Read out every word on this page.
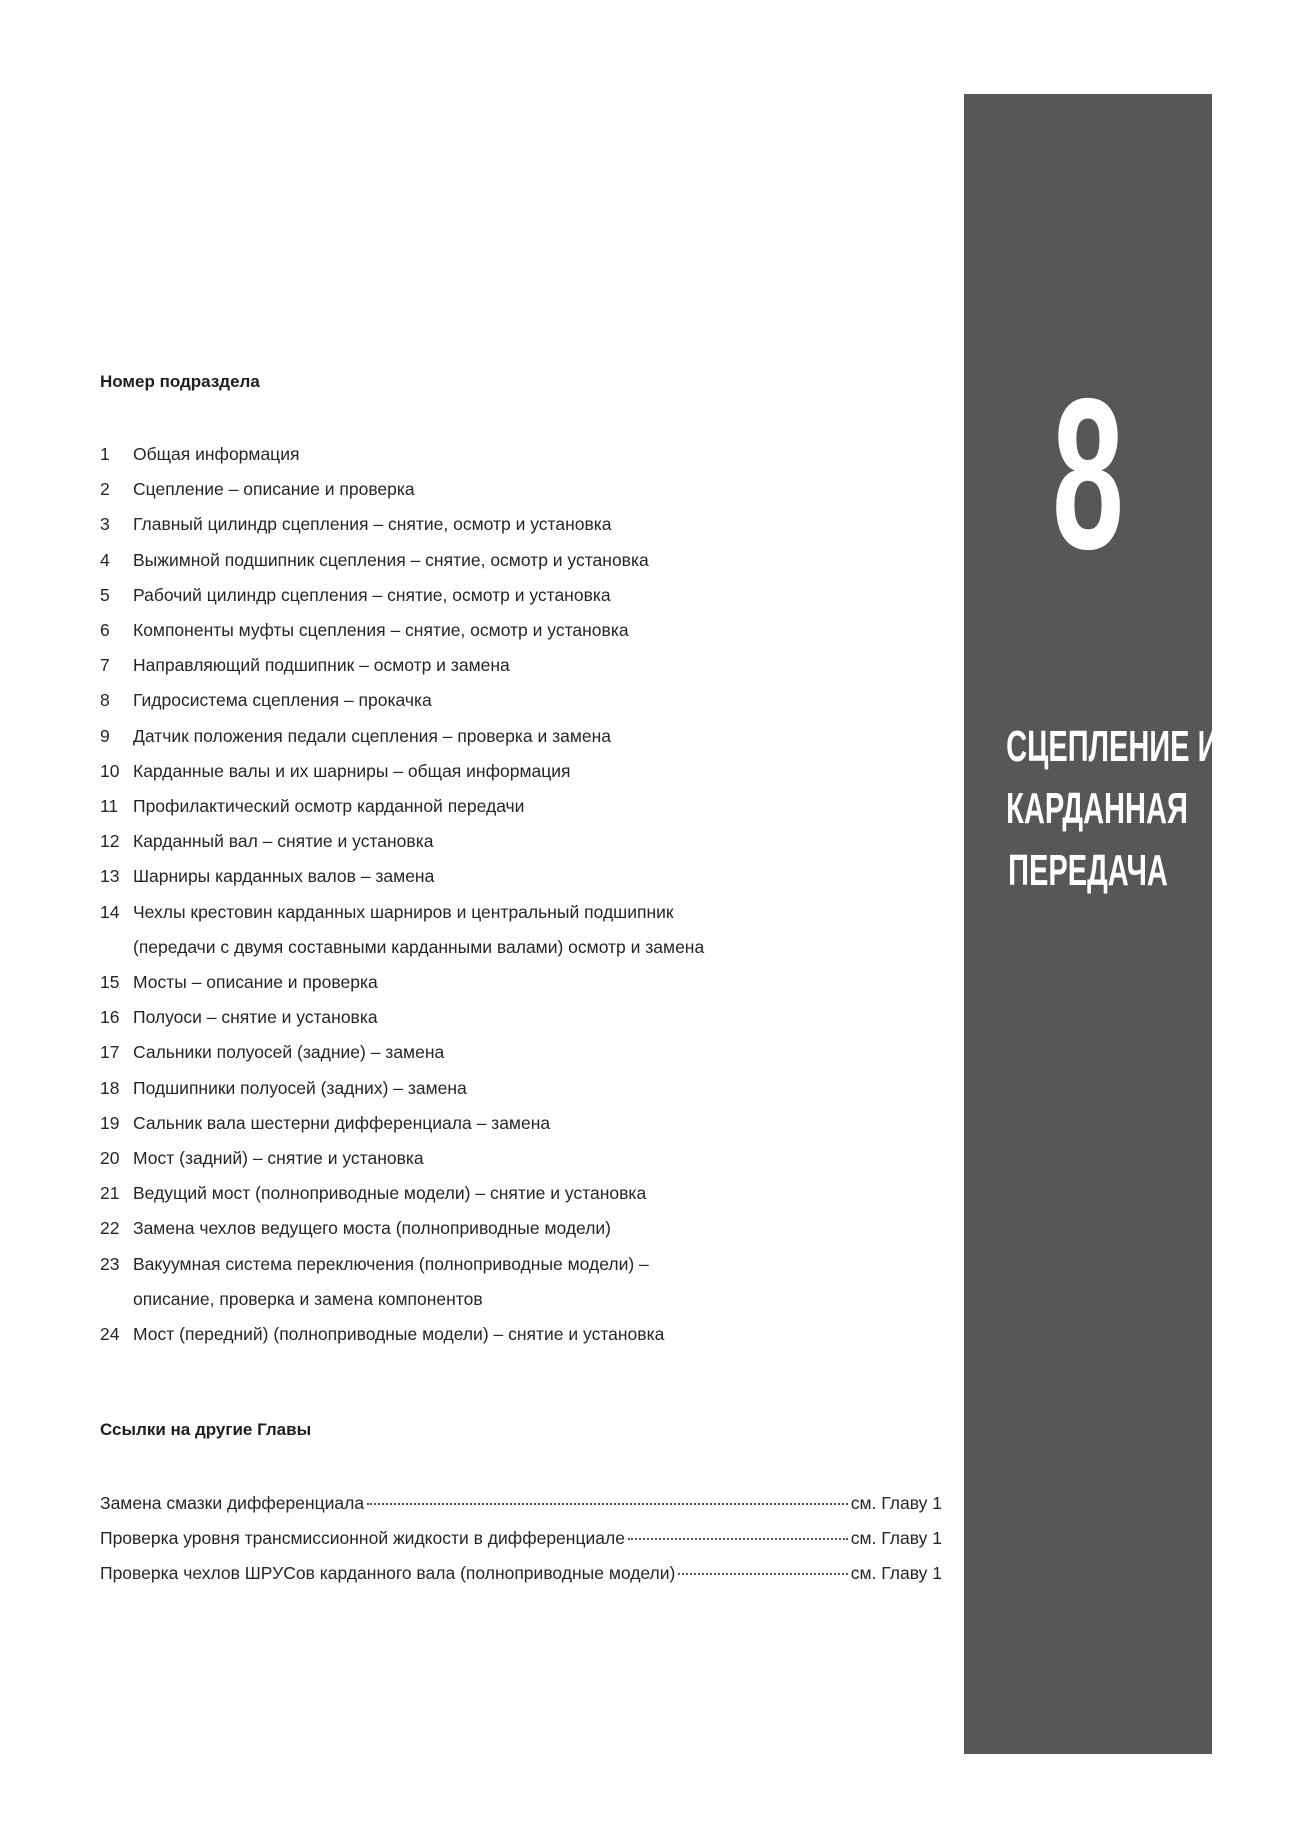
8
СЦЕПЛЕНИЕ И
КАРДАННАЯ
ПЕРЕДАЧА
Номер подраздела
1	Общая информация
2	Сцепление – описание и проверка
3	Главный цилиндр сцепления – снятие, осмотр и установка
4	Выжимной подшипник сцепления – снятие, осмотр и установка
5	Рабочий цилиндр сцепления – снятие, осмотр и установка
6	Компоненты муфты сцепления – снятие, осмотр и установка
7	Направляющий подшипник – осмотр и замена
8	Гидросистема сцепления – прокачка
9	Датчик положения педали сцепления – проверка и замена
10 Карданные валы и их шарниры – общая информация
11 Профилактический осмотр карданной передачи
12 Карданный вал – снятие и установка
13 Шарниры карданных валов – замена
14 Чехлы крестовин карданных шарниров и центральный подшипник
(передачи с двумя составными карданными валами) осмотр и замена
15 Мосты – описание и проверка
16 Полуоси – снятие и установка
17 Сальники полуосей (задние) – замена
18 Подшипники полуосей (задних) – замена
19 Сальник вала шестерни дифференциала – замена
20 Мост (задний) – снятие и установка
21 Ведущий мост (полноприводные модели) – снятие и установка
22 Замена чехлов ведущего моста (полноприводные модели)
23 Вакуумная система переключения (полноприводные модели) –
описание, проверка и замена компонентов
24 Мост (передний) (полноприводные модели) – снятие и установка
Ссылки на другие Главы
Замена смазки дифференциала	см. Главу 1
Проверка уровня трансмиссионной жидкости в дифференциале	см. Главу 1
Проверка чехлов ШРУСов карданного вала (полноприводные модели)	см. Главу 1
